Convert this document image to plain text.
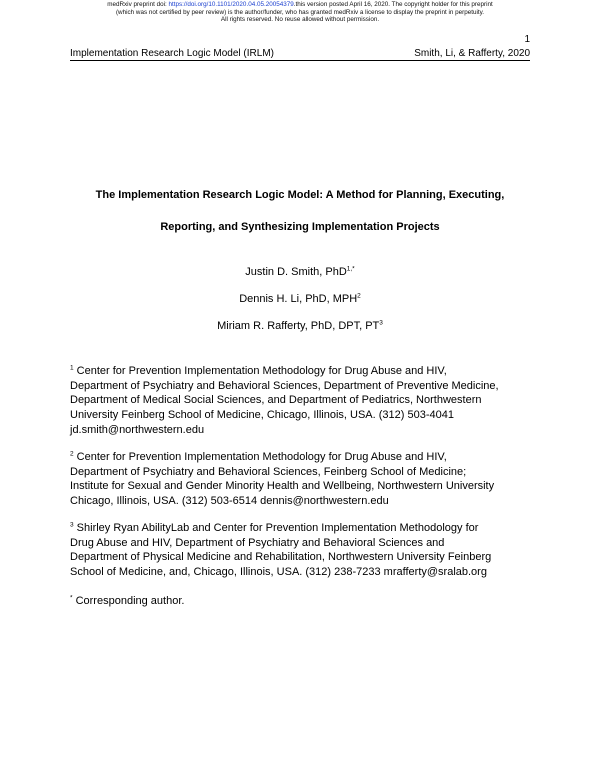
medRxiv preprint doi: https://doi.org/10.1101/2020.04.05.20054379.this version posted April 16, 2020. The copyright holder for this preprint
(which was not certified by peer review) is the author/funder, who has granted medRxiv a license to display the preprint in perpetuity.
All rights reserved. No reuse allowed without permission.
1
Implementation Research Logic Model (IRLM)	Smith, Li, & Rafferty, 2020
The Implementation Research Logic Model: A Method for Planning, Executing,
Reporting, and Synthesizing Implementation Projects
Justin D. Smith, PhD$^{1,*}$
Dennis H. Li, PhD, MPH$^2$
Miriam R. Rafferty, PhD, DPT, $PT^3$
$^1$ Center for Prevention Implementation Methodology for Drug Abuse and HIV,
Department of Psychiatry and Behavioral Sciences, Department of Preventive Medicine,
Department of Medical Social Sciences, and Department of Pediatrics, Northwestern
University Feinberg School of Medicine, Chicago, Illinois, USA. (312) 503-4041
jd.smith@northwestern.edu
$^2$ Center for Prevention Implementation Methodology for Drug Abuse and HIV,
Department of Psychiatry and Behavioral Sciences, Feinberg School of Medicine;
Institute for Sexual and Gender Minority Health and Wellbeing, Northwestern University
Chicago, Illinois, USA. (312) 503-6514 dennis@northwestern.edu
$^3$ Shirley Ryan AbilityLab and Center for Prevention Implementation Methodology for
Drug Abuse and HIV, Department of Psychiatry and Behavioral Sciences and
Department of Physical Medicine and Rehabilitation, Northwestern University Feinberg
School of Medicine, and, Chicago, Illinois, USA. (312) 238-7233 mrafferty@sralab.org
* Corresponding author.
